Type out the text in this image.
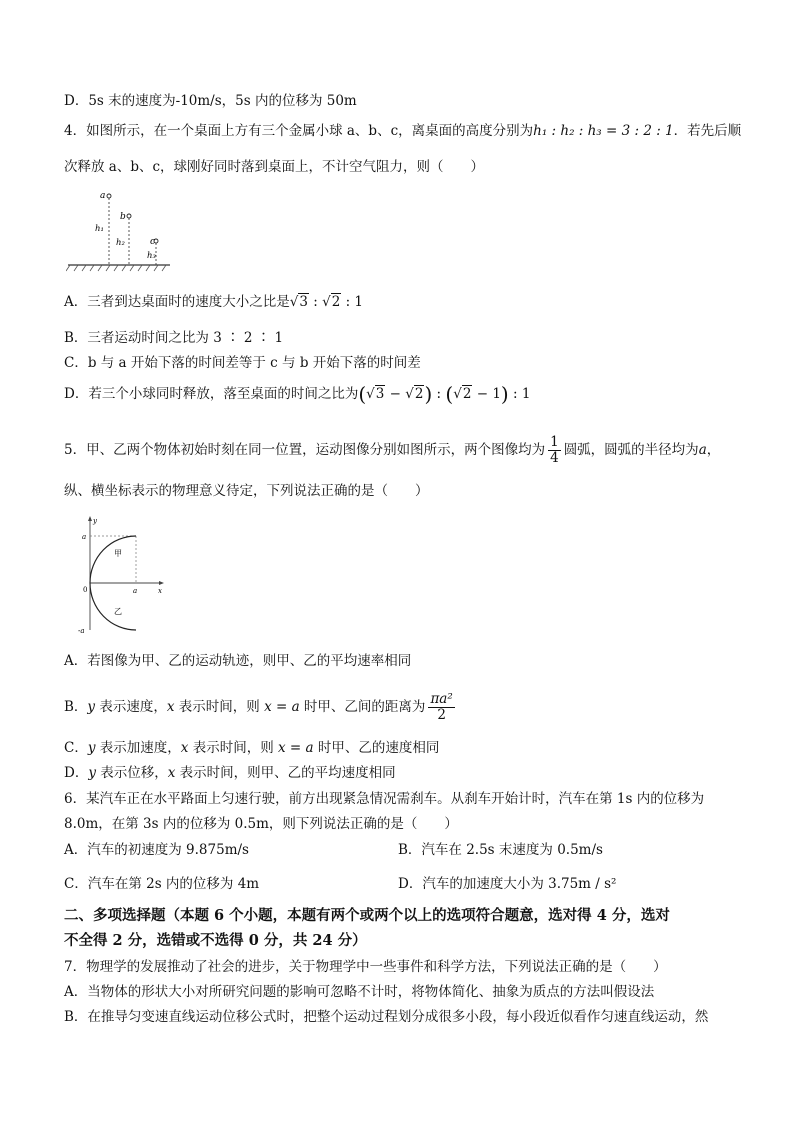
D．5s 末的速度为-10m/s，5s 内的位移为 50m
4．如图所示，在一个桌面上方有三个金属小球 a、b、c，离桌面的高度分别为h₁ : h₂ : h₃ = 3 : 2 : 1．若先后顺
次释放 a、b、c，球刚好同时落到桌面上，不计空气阻力，则（　　）
a
b
c
h₁
h₂
h₃
A．三者到达桌面时的速度大小之比是√3 : √2 : 1
B．三者运动时间之比为 3 ∶ 2 ∶ 1
C．b 与 a 开始下落的时间差等于 c 与 b 开始下落的时间差
D．若三个小球同时释放，落至桌面的时间之比为(√3 − √2) : (√2 − 1) : 1
5．甲、乙两个物体初始时刻在同一位置，运动图像分别如图所示，两个图像均为 $\frac{1}{4}$ 圆弧，圆弧的半径均为a，
纵、横坐标表示的物理意义待定，下列说法正确的是（　　）
y
x
0
a
a
-a
甲
乙
A．若图像为甲、乙的运动轨迹，则甲、乙的平均速率相同
B．y 表示速度，x 表示时间，则 x = a 时甲、乙间的距离为 $\frac{\text{πa²}}{2}$
C．y 表示加速度，x 表示时间，则 x = a 时甲、乙的速度相同
D．y 表示位移，x 表示时间，则甲、乙的平均速度相同
6．某汽车正在水平路面上匀速行驶，前方出现紧急情况需刹车。从刹车开始计时，汽车在第 1s 内的位移为
8.0m，在第 3s 内的位移为 0.5m，则下列说法正确的是（　　）
A．汽车的初速度为 9.875m/s	B．汽车在 2.5s 末速度为 0.5m/s
C．汽车在第 2s 内的位移为 4m	D．汽车的加速度大小为 3.75m / s²
二、多项选择题（本题 6 个小题，本题有两个或两个以上的选项符合题意，选对得 4 分，选对
不全得 2 分，选错或不选得 0 分，共 24 分）
7．物理学的发展推动了社会的进步，关于物理学中一些事件和科学方法，下列说法正确的是（　　）
A．当物体的形状大小对所研究问题的影响可忽略不计时，将物体简化、抽象为质点的方法叫假设法
B．在推导匀变速直线运动位移公式时，把整个运动过程划分成很多小段，每小段近似看作匀速直线运动，然
